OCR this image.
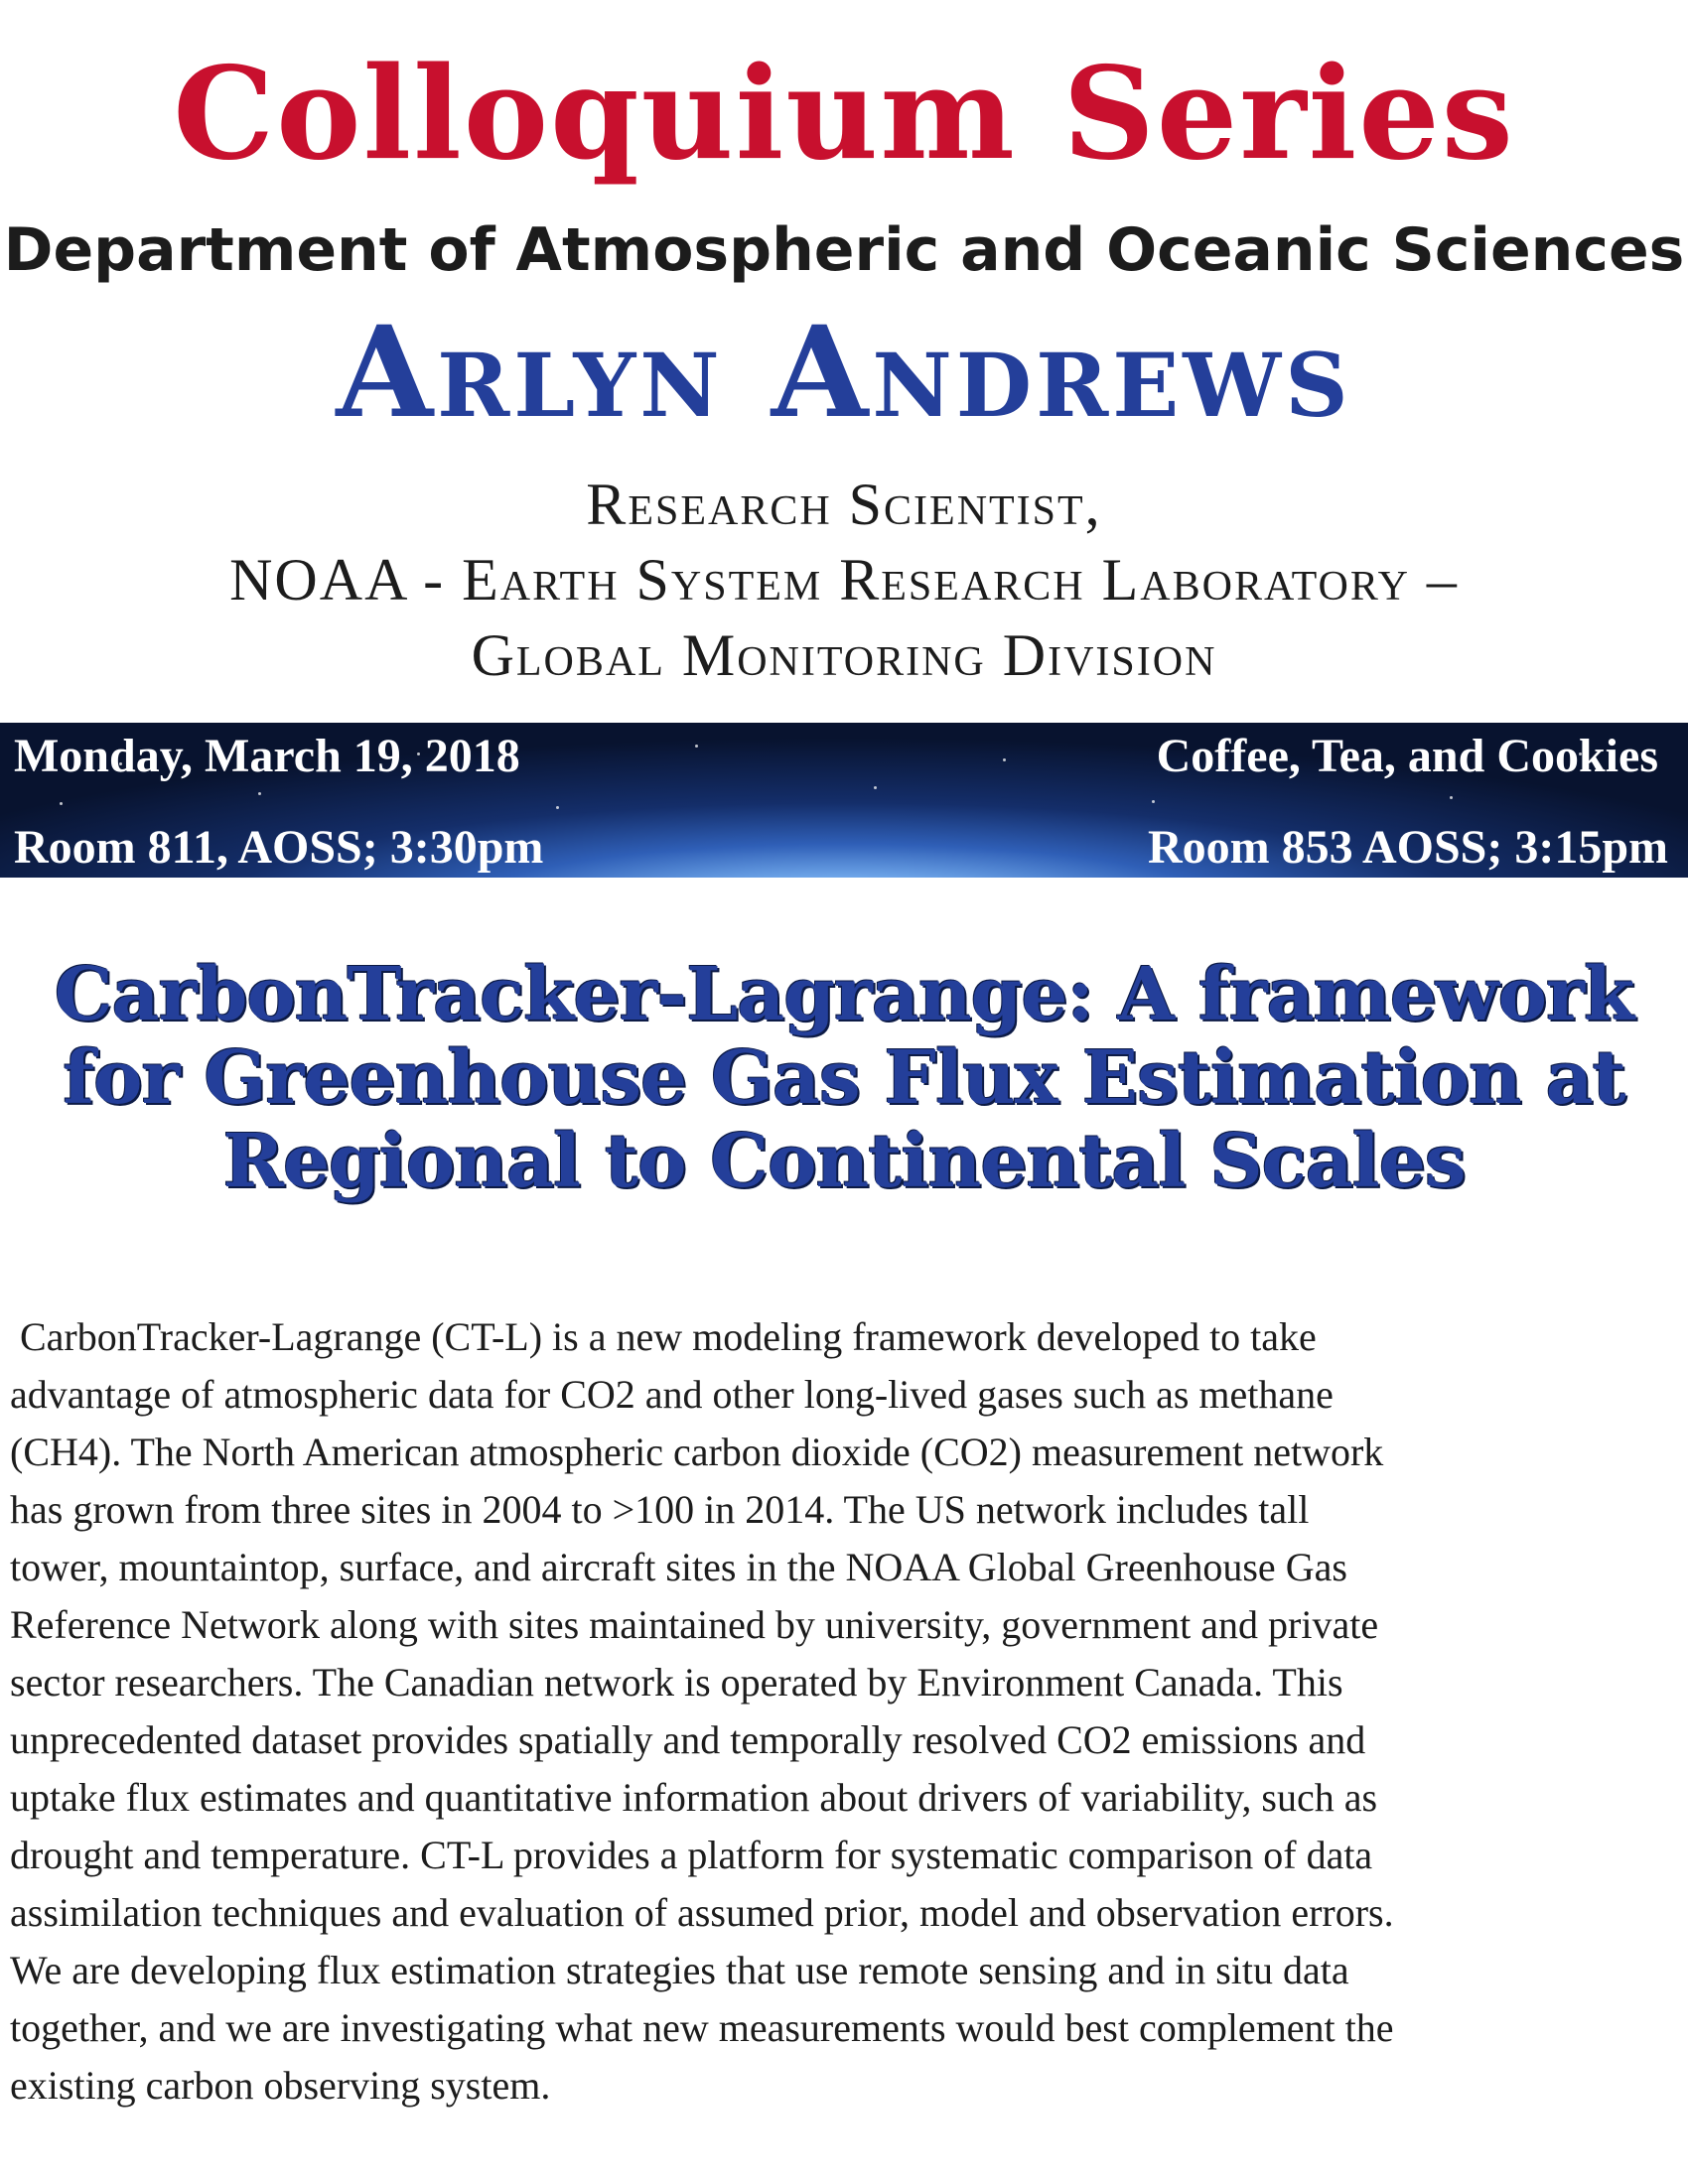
Colloquium Series
Department of Atmospheric and Oceanic Sciences
Arlyn Andrews
Research Scientist,
NOAA - Earth System Research Laboratory –
Global Monitoring Division
Monday, March 19, 2018
Room 811, AOSS; 3:30pm
Coffee, Tea, and Cookies
Room 853 AOSS; 3:15pm
CarbonTracker-Lagrange: A framework
for Greenhouse Gas Flux Estimation at
Regional to Continental Scales
CarbonTracker-Lagrange (CT-L) is a new modeling framework developed to take
advantage of atmospheric data for CO2 and other long-lived gases such as methane
(CH4). The North American atmospheric carbon dioxide (CO2) measurement network
has grown from three sites in 2004 to >100 in 2014. The US network includes tall
tower, mountaintop, surface, and aircraft sites in the NOAA Global Greenhouse Gas
Reference Network along with sites maintained by university, government and private
sector researchers. The Canadian network is operated by Environment Canada. This
unprecedented dataset provides spatially and temporally resolved CO2 emissions and
uptake flux estimates and quantitative information about drivers of variability, such as
drought and temperature. CT-L provides a platform for systematic comparison of data
assimilation techniques and evaluation of assumed prior, model and observation errors.
We are developing flux estimation strategies that use remote sensing and in situ data
together, and we are investigating what new measurements would best complement the
existing carbon observing system.
